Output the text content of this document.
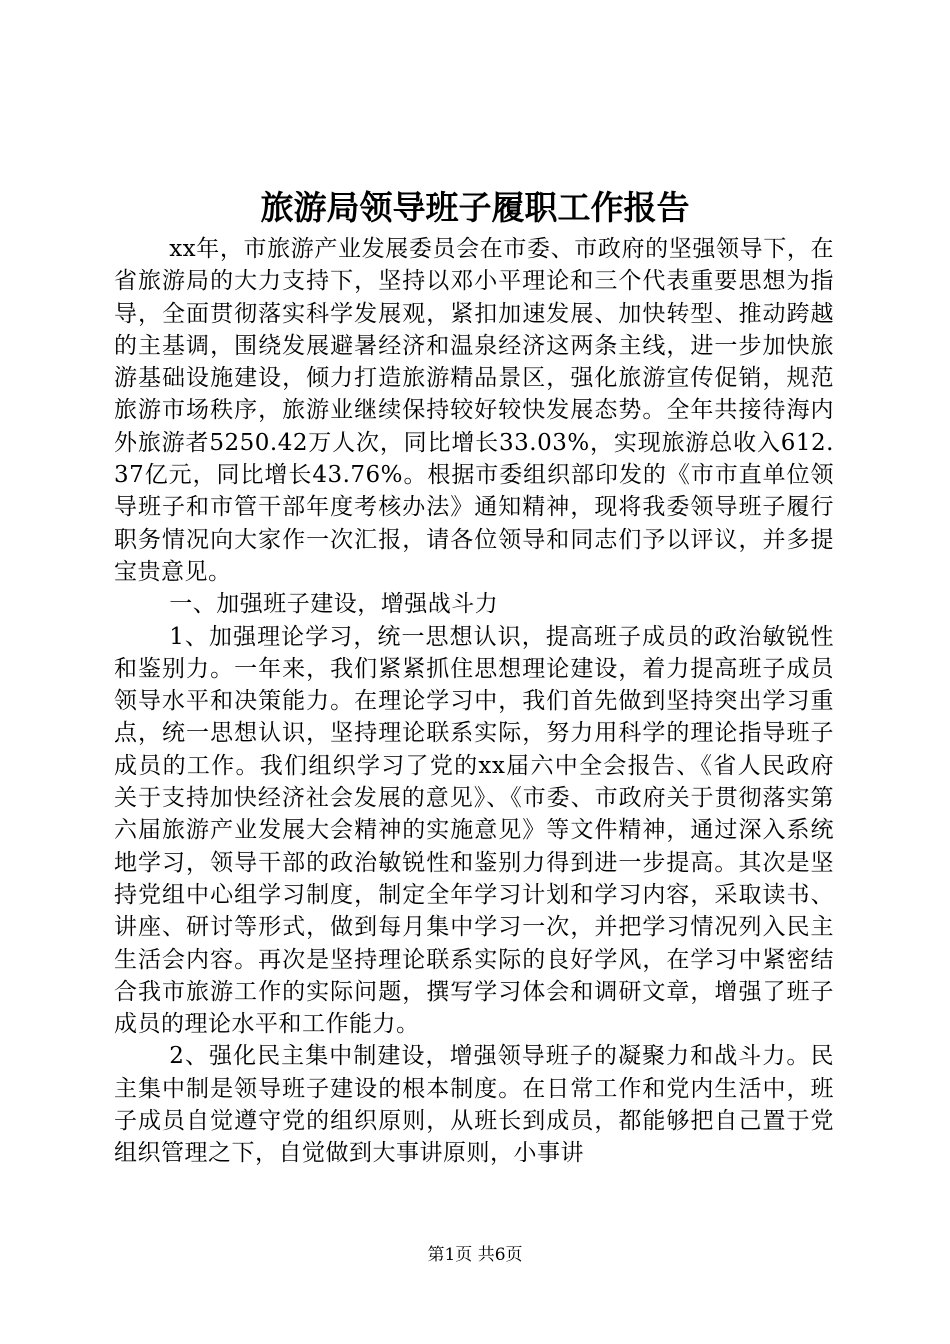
旅游局领导班子履职工作报告

xx年，市旅游产业发展委员会在市委、市政府的坚强领导下，在省旅游局的大力支持下，坚持以邓小平理论和三个代表重要思想为指导，全面贯彻落实科学发展观，紧扣加速发展、加快转型、推动跨越的主基调，围绕发展避暑经济和温泉经济这两条主线，进一步加快旅游基础设施建设，倾力打造旅游精品景区，强化旅游宣传促销，规范旅游市场秩序，旅游业继续保持较好较快发展态势。全年共接待海内外旅游者5250.42万人次，同比增长33.03%，实现旅游总收入612.37亿元，同比增长43.76%。根据市委组织部印发的《市市直单位领导班子和市管干部年度考核办法》通知精神，现将我委领导班子履行职务情况向大家作一次汇报，请各位领导和同志们予以评议，并多提宝贵意见。

一、加强班子建设，增强战斗力

1、加强理论学习，统一思想认识，提高班子成员的政治敏锐性和鉴别力。一年来，我们紧紧抓住思想理论建设，着力提高班子成员领导水平和决策能力。在理论学习中，我们首先做到坚持突出学习重点，统一思想认识，坚持理论联系实际，努力用科学的理论指导班子成员的工作。我们组织学习了党的xx届六中全会报告、《省人民政府关于支持加快经济社会发展的意见》、《市委、市政府关于贯彻落实第六届旅游产业发展大会精神的实施意见》等文件精神，通过深入系统地学习，领导干部的政治敏锐性和鉴别力得到进一步提高。其次是坚持党组中心组学习制度，制定全年学习计划和学习内容，采取读书、讲座、研讨等形式，做到每月集中学习一次，并把学习情况列入民主生活会内容。再次是坚持理论联系实际的良好学风，在学习中紧密结合我市旅游工作的实际问题，撰写学习体会和调研文章，增强了班子成员的理论水平和工作能力。

2、强化民主集中制建设，增强领导班子的凝聚力和战斗力。民主集中制是领导班子建设的根本制度。在日常工作和党内生活中，班子成员自觉遵守党的组织原则，从班长到成员，都能够把自己置于党组织管理之下，自觉做到大事讲原则，小事讲

第1页 共6页
